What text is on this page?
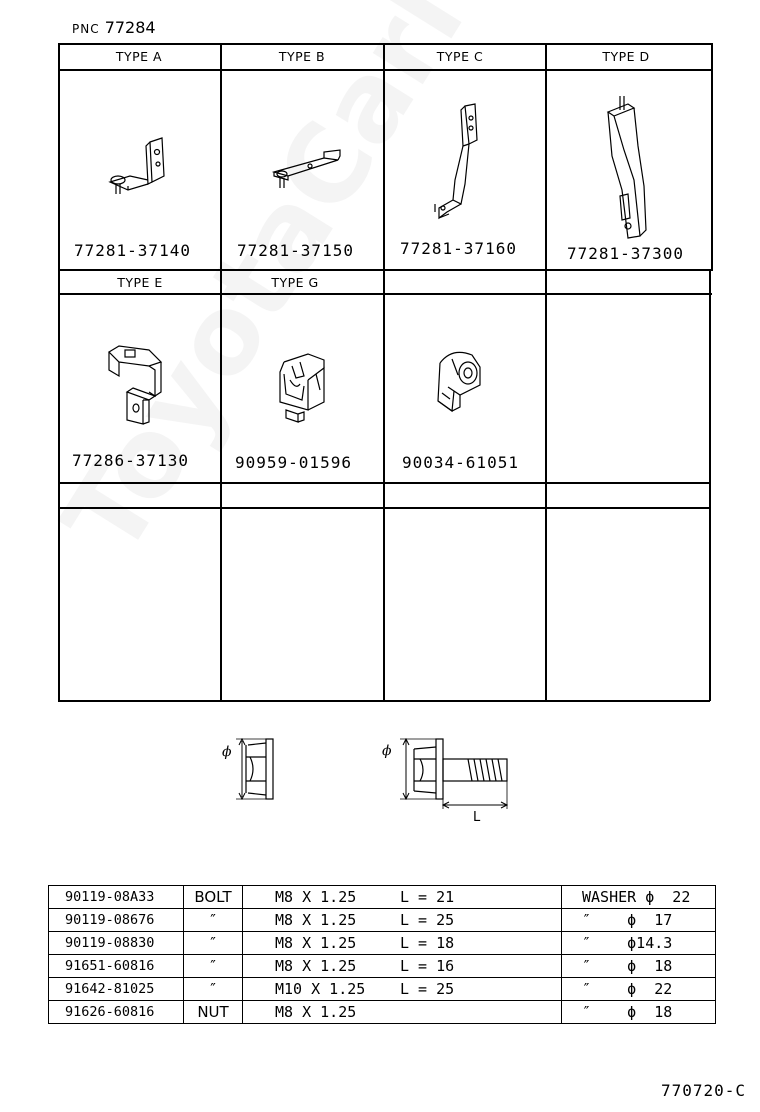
PNC 77284
TYPE A	TYPE B	TYPE C	TYPE D
77281-37140	77281-37150	77281-37160	77281-37300
TYPE E	TYPE G
77286-37130	90959-01596	90034-61051
ϕ	ϕ
L
90119-08A33	BOLT	M8 X 1.25 L = 21	WASHER ϕ  22
90119-08676	″	M8 X 1.25 L = 25	″    ϕ  17
90119-08830	″	M8 X 1.25 L = 18	″    ϕ14.3
91651-60816	″	M8 X 1.25 L = 16	″    ϕ  18
91642-81025	″	M10 X 1.25 L = 25	″    ϕ  22
91626-60816	NUT	M8 X 1.25	″    ϕ  18
770720-C
